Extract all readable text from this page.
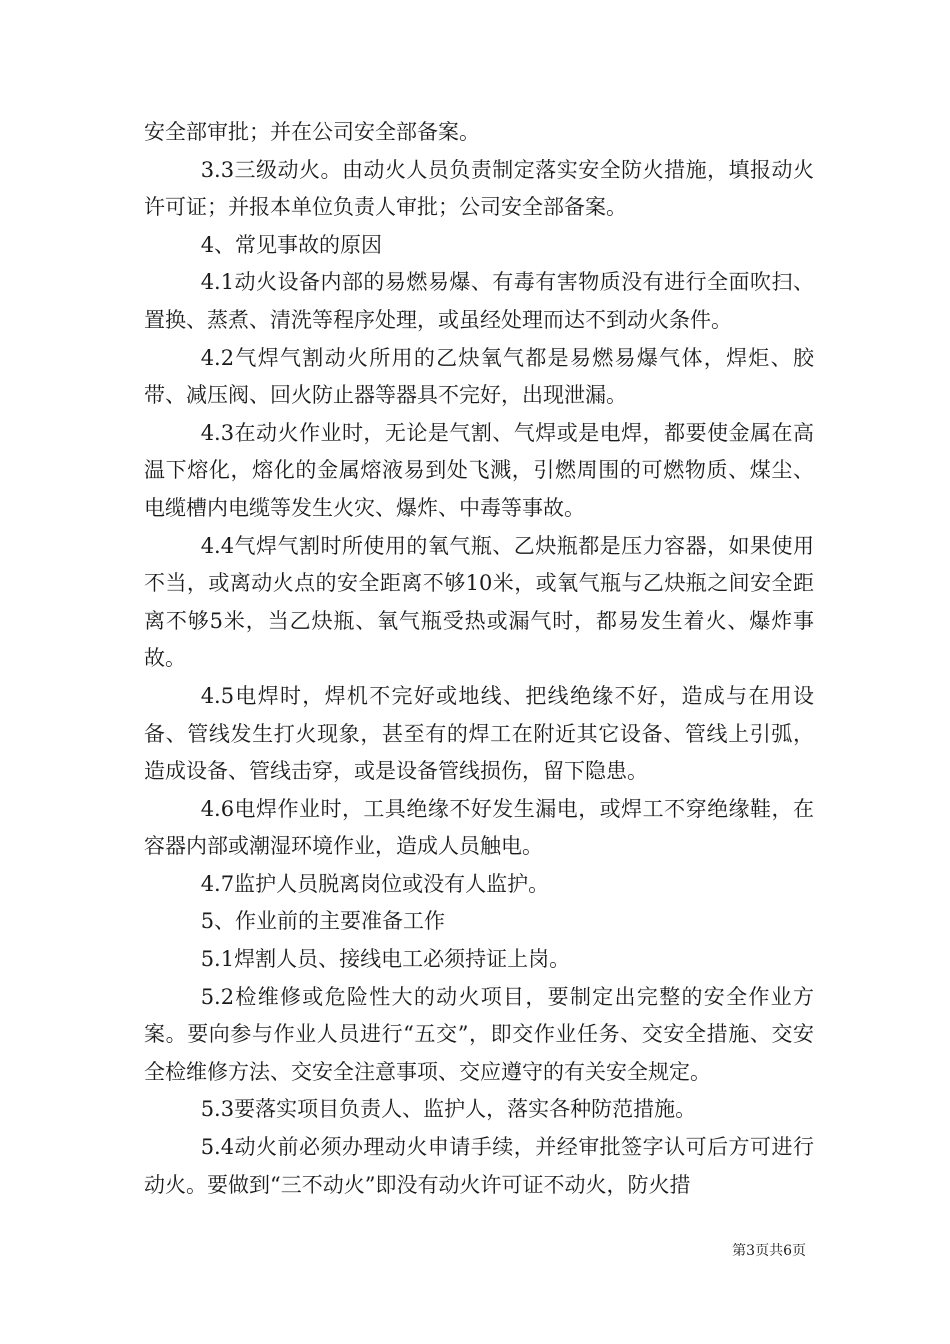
安全部审批；并在公司安全部备案。

3.3三级动火。由动火人员负责制定落实安全防火措施，填报动火许可证；并报本单位负责人审批；公司安全部备案。

4、常见事故的原因

4.1动火设备内部的易燃易爆、有毒有害物质没有进行全面吹扫、置换、蒸煮、清洗等程序处理，或虽经处理而达不到动火条件。

4.2气焊气割动火所用的乙炔氧气都是易燃易爆气体，焊炬、胶带、减压阀、回火防止器等器具不完好，出现泄漏。

4.3在动火作业时，无论是气割、气焊或是电焊，都要使金属在高温下熔化，熔化的金属熔液易到处飞溅，引燃周围的可燃物质、煤尘、电缆槽内电缆等发生火灾、爆炸、中毒等事故。

4.4气焊气割时所使用的氧气瓶、乙炔瓶都是压力容器，如果使用不当，或离动火点的安全距离不够10米，或氧气瓶与乙炔瓶之间安全距离不够5米，当乙炔瓶、氧气瓶受热或漏气时，都易发生着火、爆炸事故。

4.5电焊时，焊机不完好或地线、把线绝缘不好，造成与在用设备、管线发生打火现象，甚至有的焊工在附近其它设备、管线上引弧，造成设备、管线击穿，或是设备管线损伤，留下隐患。

4.6电焊作业时，工具绝缘不好发生漏电，或焊工不穿绝缘鞋，在容器内部或潮湿环境作业，造成人员触电。

4.7监护人员脱离岗位或没有人监护。

5、作业前的主要准备工作

5.1焊割人员、接线电工必须持证上岗。

5.2检维修或危险性大的动火项目，要制定出完整的安全作业方案。要向参与作业人员进行“五交”，即交作业任务、交安全措施、交安全检维修方法、交安全注意事项、交应遵守的有关安全规定。

5.3要落实项目负责人、监护人，落实各种防范措施。

5.4动火前必须办理动火申请手续，并经审批签字认可后方可进行动火。要做到“三不动火”即没有动火许可证不动火，防火措

第3页共6页
